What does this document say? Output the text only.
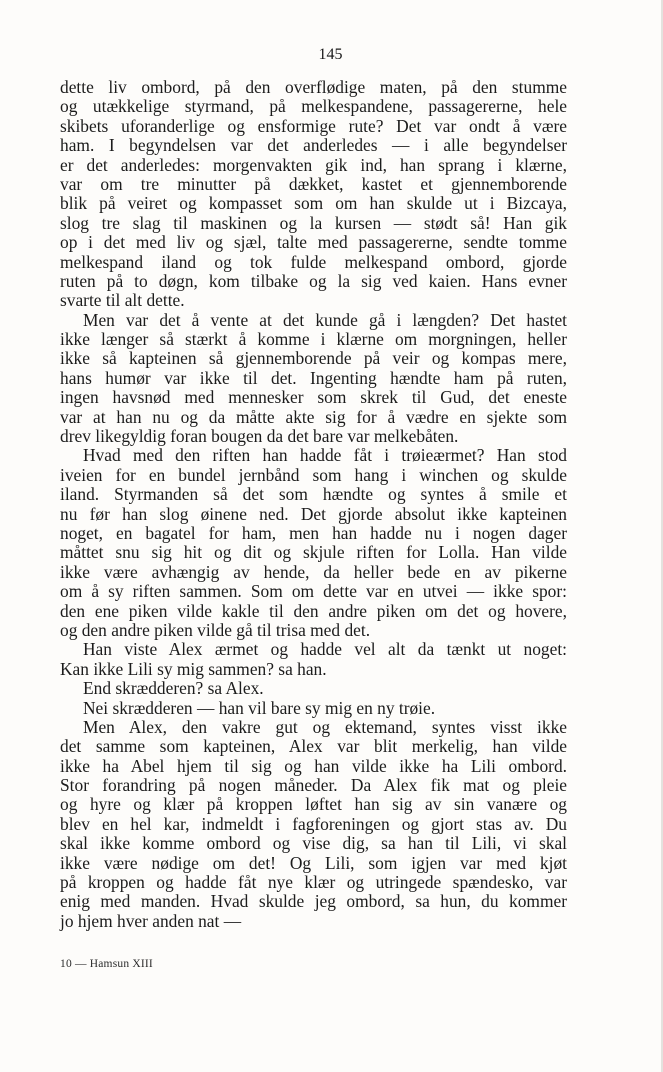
145
dette liv ombord, på den overflødige maten, på den stumme
og utækkelige styrmand, på melkespandene, passagererne, hele
skibets uforanderlige og ensformige rute? Det var ondt å være
ham. I begyndelsen var det anderledes — i alle begyndelser
er det anderledes: morgenvakten gik ind, han sprang i klærne,
var om tre minutter på dækket, kastet et gjennemborende
blik på veiret og kompasset som om han skulde ut i Bizcaya,
slog tre slag til maskinen og la kursen — stødt så! Han gik
op i det med liv og sjæl, talte med passagererne, sendte tomme
melkespand iland og tok fulde melkespand ombord, gjorde
ruten på to døgn, kom tilbake og la sig ved kaien. Hans evner
svarte til alt dette.
Men var det å vente at det kunde gå i længden? Det hastet
ikke længer så stærkt å komme i klærne om morgningen, heller
ikke så kapteinen så gjennemborende på veir og kompas mere,
hans humør var ikke til det. Ingenting hændte ham på ruten,
ingen havsnød med mennesker som skrek til Gud, det eneste
var at han nu og da måtte akte sig for å vædre en sjekte som
drev likegyldig foran bougen da det bare var melkebåten.
Hvad med den riften han hadde fåt i trøieærmet? Han stod
iveien for en bundel jernbånd som hang i winchen og skulde
iland. Styrmanden så det som hændte og syntes å smile et
nu før han slog øinene ned. Det gjorde absolut ikke kapteinen
noget, en bagatel for ham, men han hadde nu i nogen dager
måttet snu sig hit og dit og skjule riften for Lolla. Han vilde
ikke være avhængig av hende, da heller bede en av pikerne
om å sy riften sammen. Som om dette var en utvei — ikke spor:
den ene piken vilde kakle til den andre piken om det og hovere,
og den andre piken vilde gå til trisa med det.
Han viste Alex ærmet og hadde vel alt da tænkt ut noget:
Kan ikke Lili sy mig sammen? sa han.
End skrædderen? sa Alex.
Nei skrædderen — han vil bare sy mig en ny trøie.
Men Alex, den vakre gut og ektemand, syntes visst ikke
det samme som kapteinen, Alex var blit merkelig, han vilde
ikke ha Abel hjem til sig og han vilde ikke ha Lili ombord.
Stor forandring på nogen måneder. Da Alex fik mat og pleie
og hyre og klær på kroppen løftet han sig av sin vanære og
blev en hel kar, indmeldt i fagforeningen og gjort stas av. Du
skal ikke komme ombord og vise dig, sa han til Lili, vi skal
ikke være nødige om det! Og Lili, som igjen var med kjøt
på kroppen og hadde fåt nye klær og utringede spændesko, var
enig med manden. Hvad skulde jeg ombord, sa hun, du kommer
jo hjem hver anden nat —
10 — Hamsun XIII
